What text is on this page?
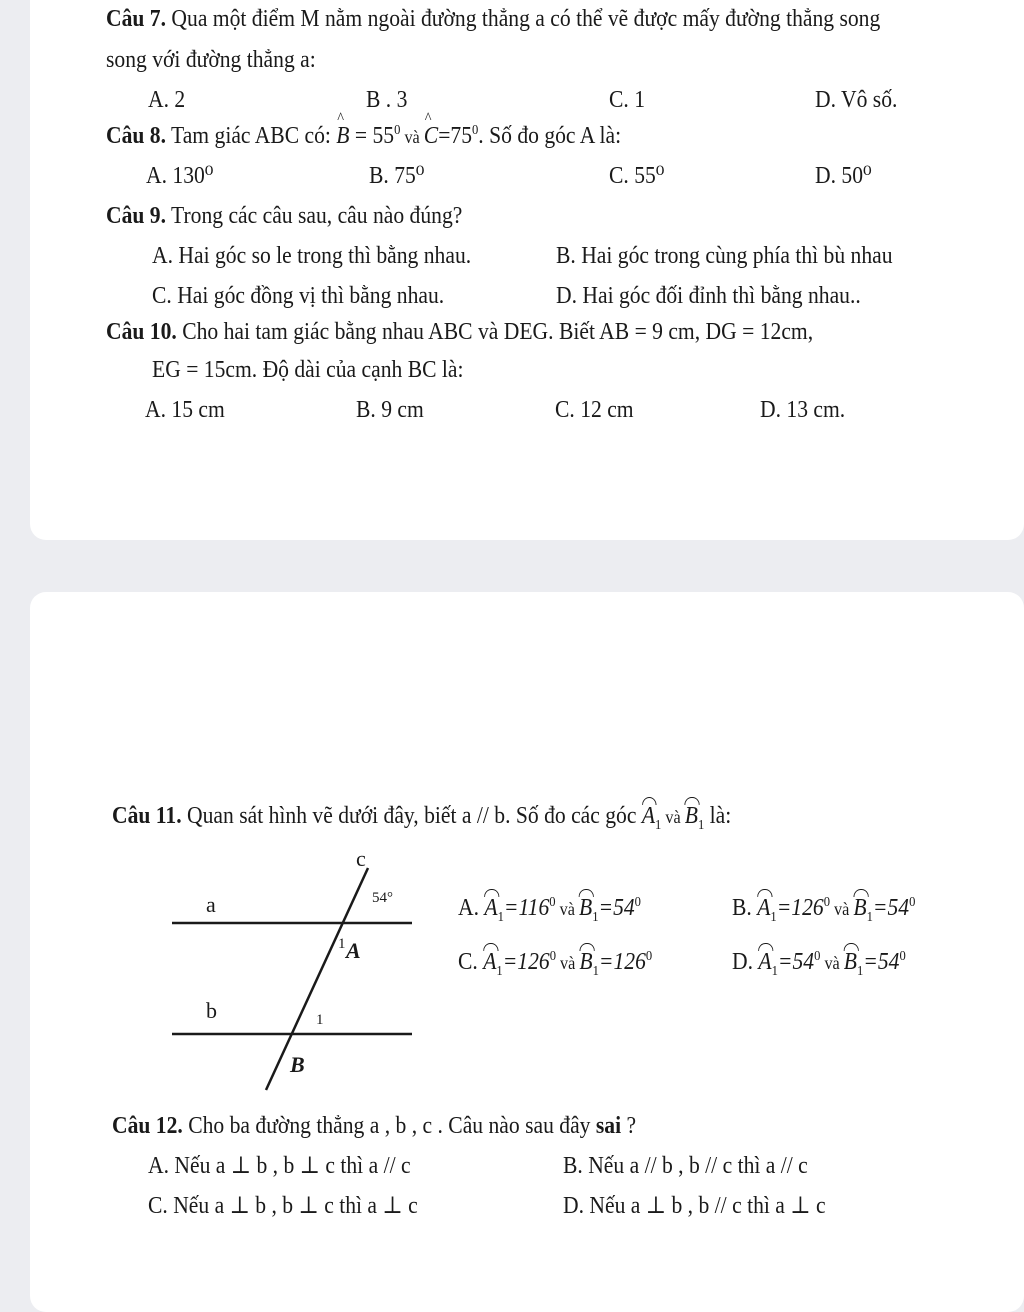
Câu 7. Qua một điểm M nằm ngoài đường thẳng a có thể vẽ được mấy đường thẳng song
song với đường thẳng a:
A. 2	B . 3	C. 1	D. Vô số.
Câu 8. Tam giác ABC có: ^ $B = 55^0$ và ^ $C=75^0$. Số đo góc A là:
A. 130⁰	B. 75⁰	C. 55⁰	D. 50⁰
Câu 9. Trong các câu sau, câu nào đúng?
A. Hai góc so le trong thì bằng nhau.	B. Hai góc trong cùng phía thì bù nhau
C. Hai góc đồng vị thì bằng nhau.	D. Hai góc đối đỉnh thì bằng nhau..
Câu 10. Cho hai tam giác bằng nhau ABC và DEG. Biết AB = 9 cm, DG = 12cm,
EG = 15cm. Độ dài của cạnh BC là:
A. 15 cm	B. 9 cm	C. 12 cm	D. 13 cm.
Câu 11. Quan sát hình vẽ dưới đây, biết a // b. Số đo các góc $A_1$ và $B_1$ là:
c
a
b
54°
1 A
1
B
A. $A_1=116^0$ và $B_1=54^0$	B. $A_1=126^0$ và $B_1=54^0$
C. $A_1=126^0$ và $B_1=126^0$	D. $A_1=54^0$ và $B_1=54^0$
Câu 12. Cho ba đường thẳng a , b , c . Câu nào sau đây sai ?
A. Nếu a ⊥ b , b ⊥ c thì a // c	B. Nếu a // b , b // c thì a // c
C. Nếu a ⊥ b , b ⊥ c thì a ⊥ c	D. Nếu a ⊥ b , b // c thì a ⊥ c
